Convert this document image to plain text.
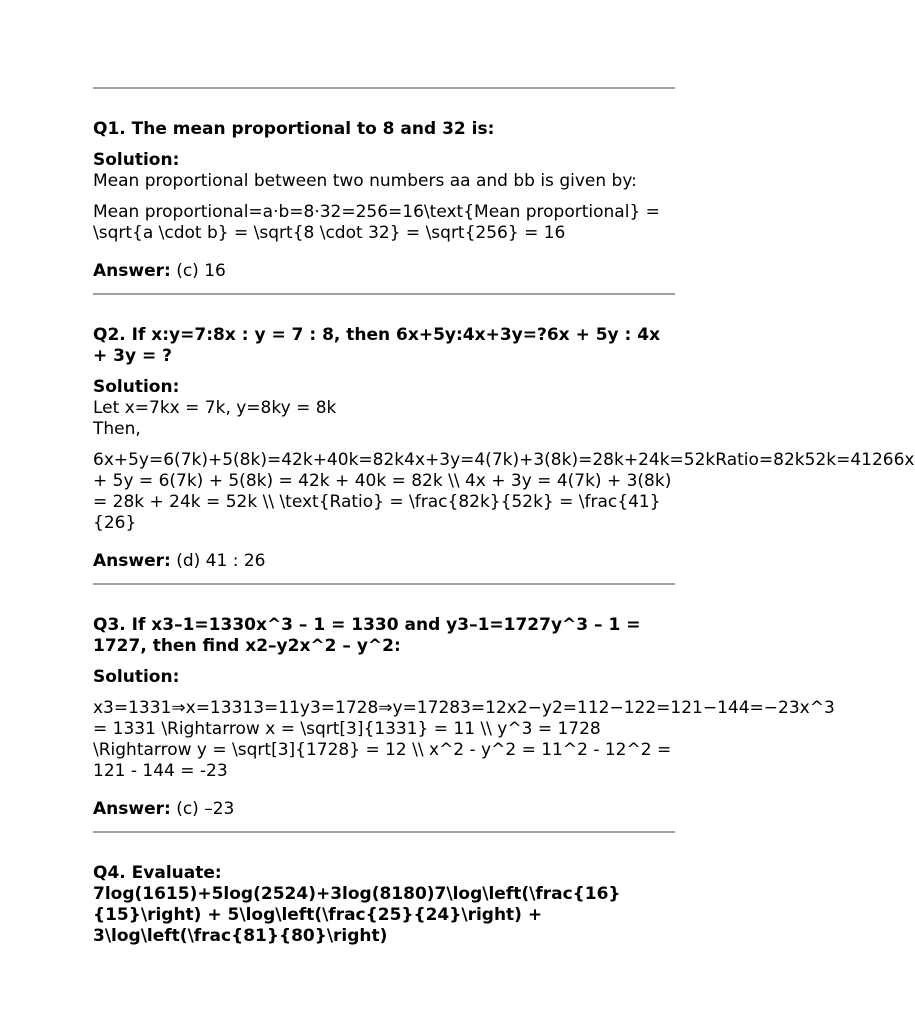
Q1. The mean proportional to 8 and 32 is:

Solution:

Mean proportional between two numbers aa and bb is given by:

Mean proportional=a⋅b=8⋅32=256=16\text{Mean proportional} = \sqrt{a \cdot b} = \sqrt{8 \cdot 32} = \sqrt{256} = 16

Answer: (c) 16

Q2. If x:y=7:8x : y = 7 : 8, then 6x+5y:4x+3y=?6x + 5y : 4x + 3y = ?

Solution:

Let x=7kx = 7k, y=8ky = 8k

Then,

6x+5y=6(7k)+5(8k)=42k+40k=82k4x+3y=4(7k)+3(8k)=28k+24k=52kRatio=82k52k=41266x + 5y = 6(7k) + 5(8k) = 42k + 40k = 82k \\ 4x + 3y = 4(7k) + 3(8k) = 28k + 24k = 52k \\ \text{Ratio} = \frac{82k}{52k} = \frac{41}{26}

Answer: (d) 41 : 26

Q3. If x3–1=1330x^3 – 1 = 1330 and y3–1=1727y^3 – 1 = 1727, then find x2–y2x^2 – y^2:

Solution:

x3=1331⇒x=13313=11y3=1728⇒y=17283=12x2−y2=112−122=121−144=−23x^3 = 1331 \Rightarrow x = \sqrt[3]{1331} = 11 \\ y^3 = 1728 \Rightarrow y = \sqrt[3]{1728} = 12 \\ x^2 - y^2 = 11^2 - 12^2 = 121 - 144 = -23

Answer: (c) –23

Q4. Evaluate: 7log(1615)+5log(2524)+3log(8180)7\log\left(\frac{16}{15}\right) + 5\log\left(\frac{25}{24}\right) + 3\log\left(\frac{81}{80}\right)
